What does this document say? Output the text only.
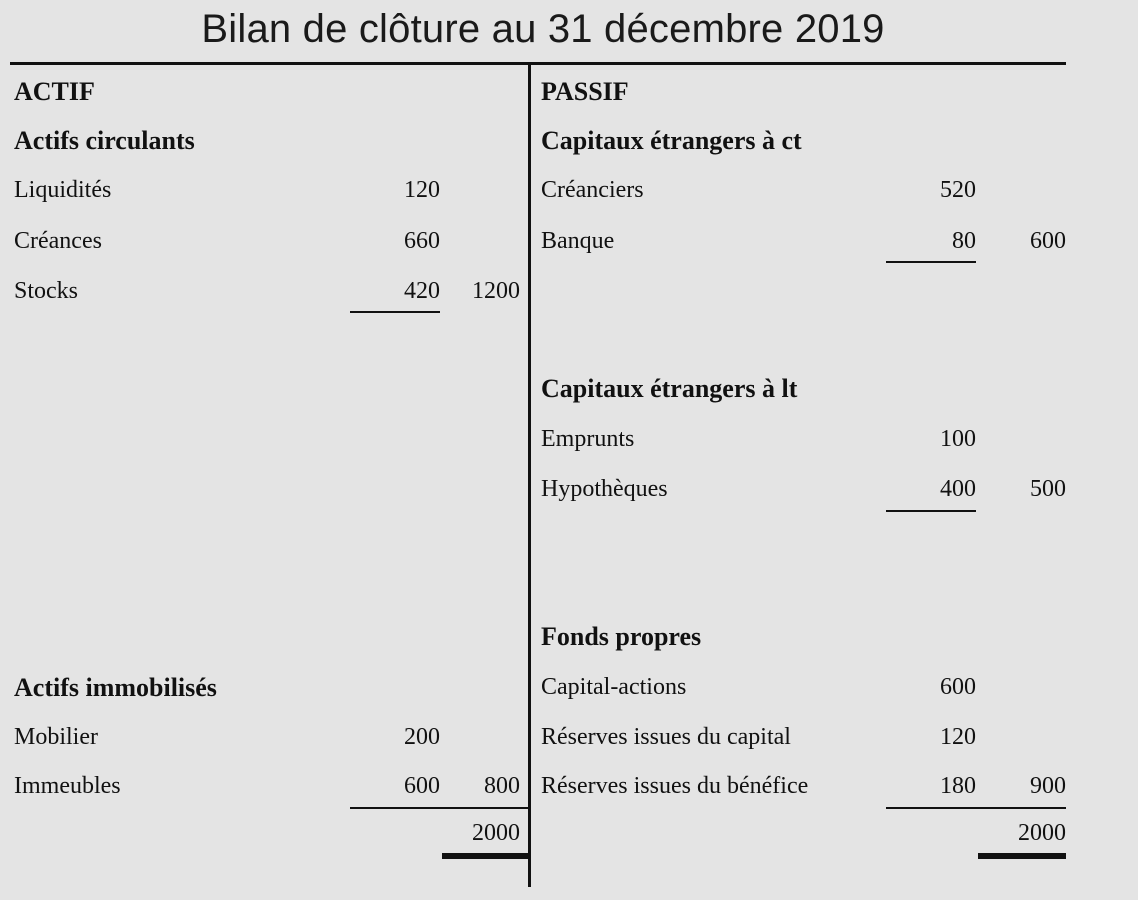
Bilan de clôture au 31 décembre 2019
ACTIF
Actifs circulants
Liquidités	120
Créances	660
Stocks	420	1200
Actifs immobilisés
Mobilier	200
Immeubles	600	800
2000
PASSIF
Capitaux étrangers à ct
Créanciers	520
Banque	80	600
Capitaux étrangers à lt
Emprunts	100
Hypothèques	400	500
Fonds propres
Capital-actions	600
Réserves issues du capital	120
Réserves issues du bénéfice	180	900
2000
